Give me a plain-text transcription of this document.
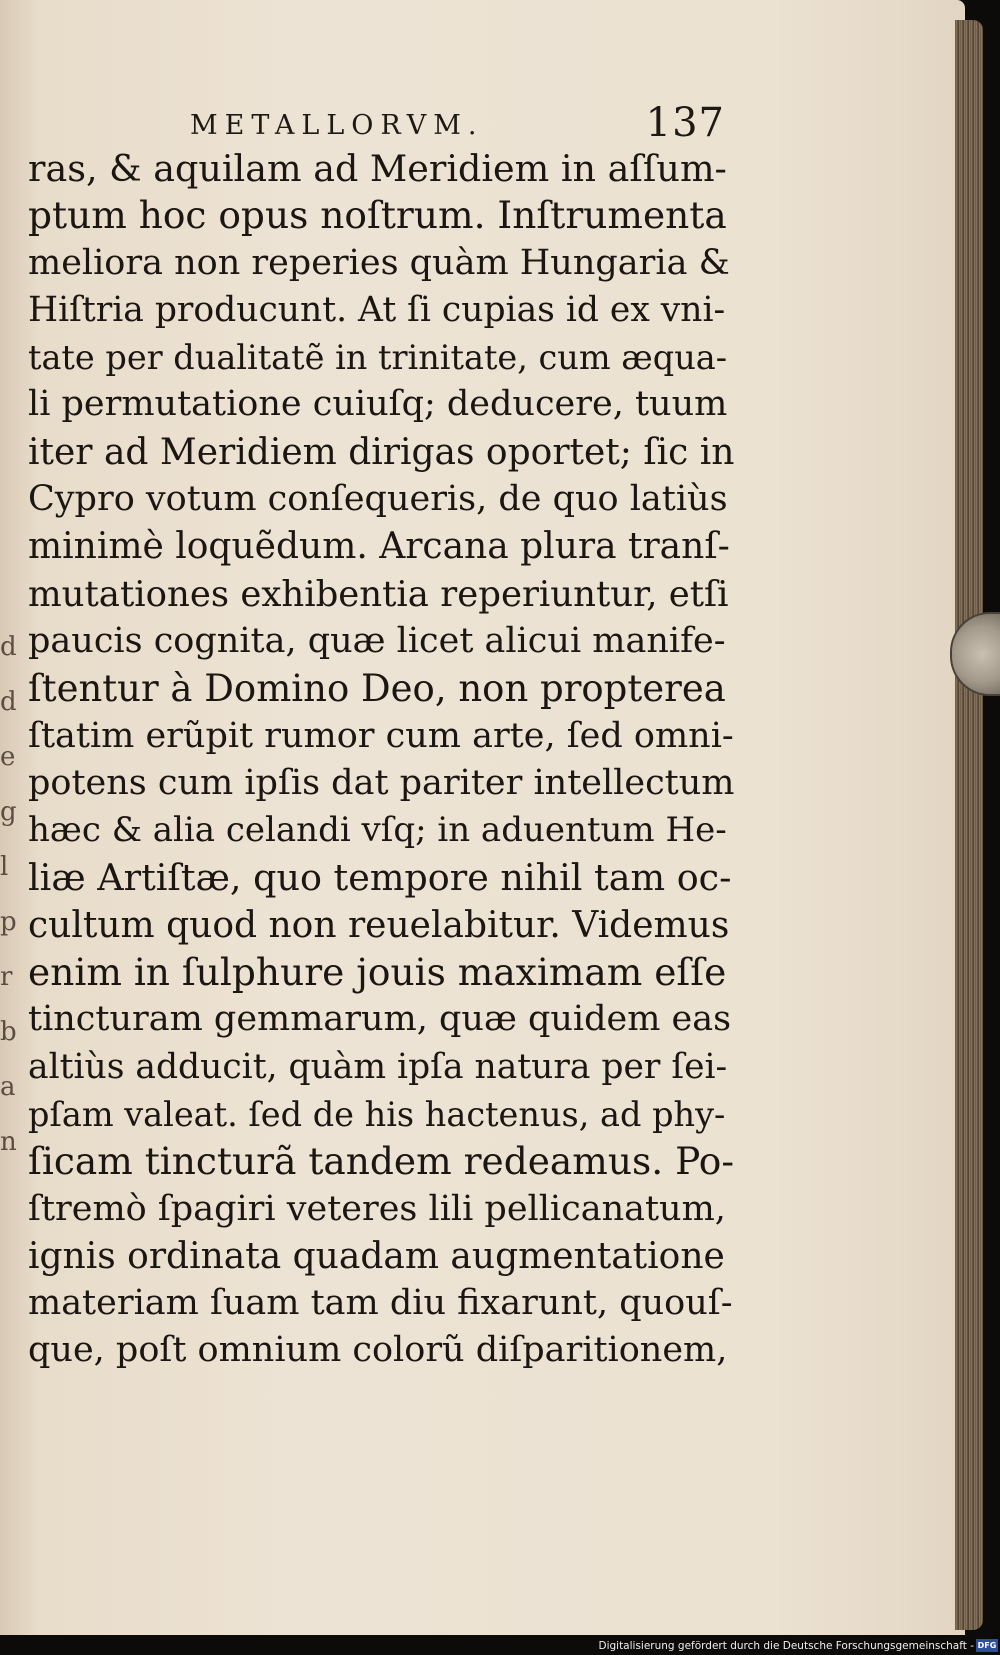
d
d
e
g
l
p
r
b
a
n
METALLORVM.	137
ras, & aquilam ad Meridiem in aſſum-
ptum hoc opus noſtrum. Inſtrumenta
meliora non reperies quàm Hungaria &
Hiſtria producunt. At ſi cupias id ex vni-
tate per dualitatẽ in trinitate, cum æqua-
li permutatione cuiuſq; deducere, tuum
iter ad Meridiem dirigas oportet; ſic in
Cypro votum conſequeris, de quo latiùs
minimè loquẽdum. Arcana plura tranſ-
mutationes exhibentia reperiuntur, etſi
paucis cognita, quæ licet alicui manife-
ſtentur à Domino Deo, non propterea
ſtatim erũpit rumor cum arte, ſed omni-
potens cum ipſis dat pariter intellectum
hæc & alia celandi vſq; in aduentum He-
liæ Artiſtæ, quo tempore nihil tam oc-
cultum quod non reuelabitur. Videmus
enim in ſulphure jouis maximam eſſe
tincturam gemmarum, quæ quidem eas
altiùs adducit, quàm ipſa natura per ſei-
pſam valeat. ſed de his hactenus, ad phy-
ſicam tincturã tandem redeamus. Po-
ſtremò ſpagiri veteres lili pellicanatum,
ignis ordinata quadam augmentatione
materiam ſuam tam diu fixarunt, quouſ-
que, poſt omnium colorũ diſparitionem,
Digitalisierung gefördert durch die Deutsche Forschungsgemeinschaft - DFG
